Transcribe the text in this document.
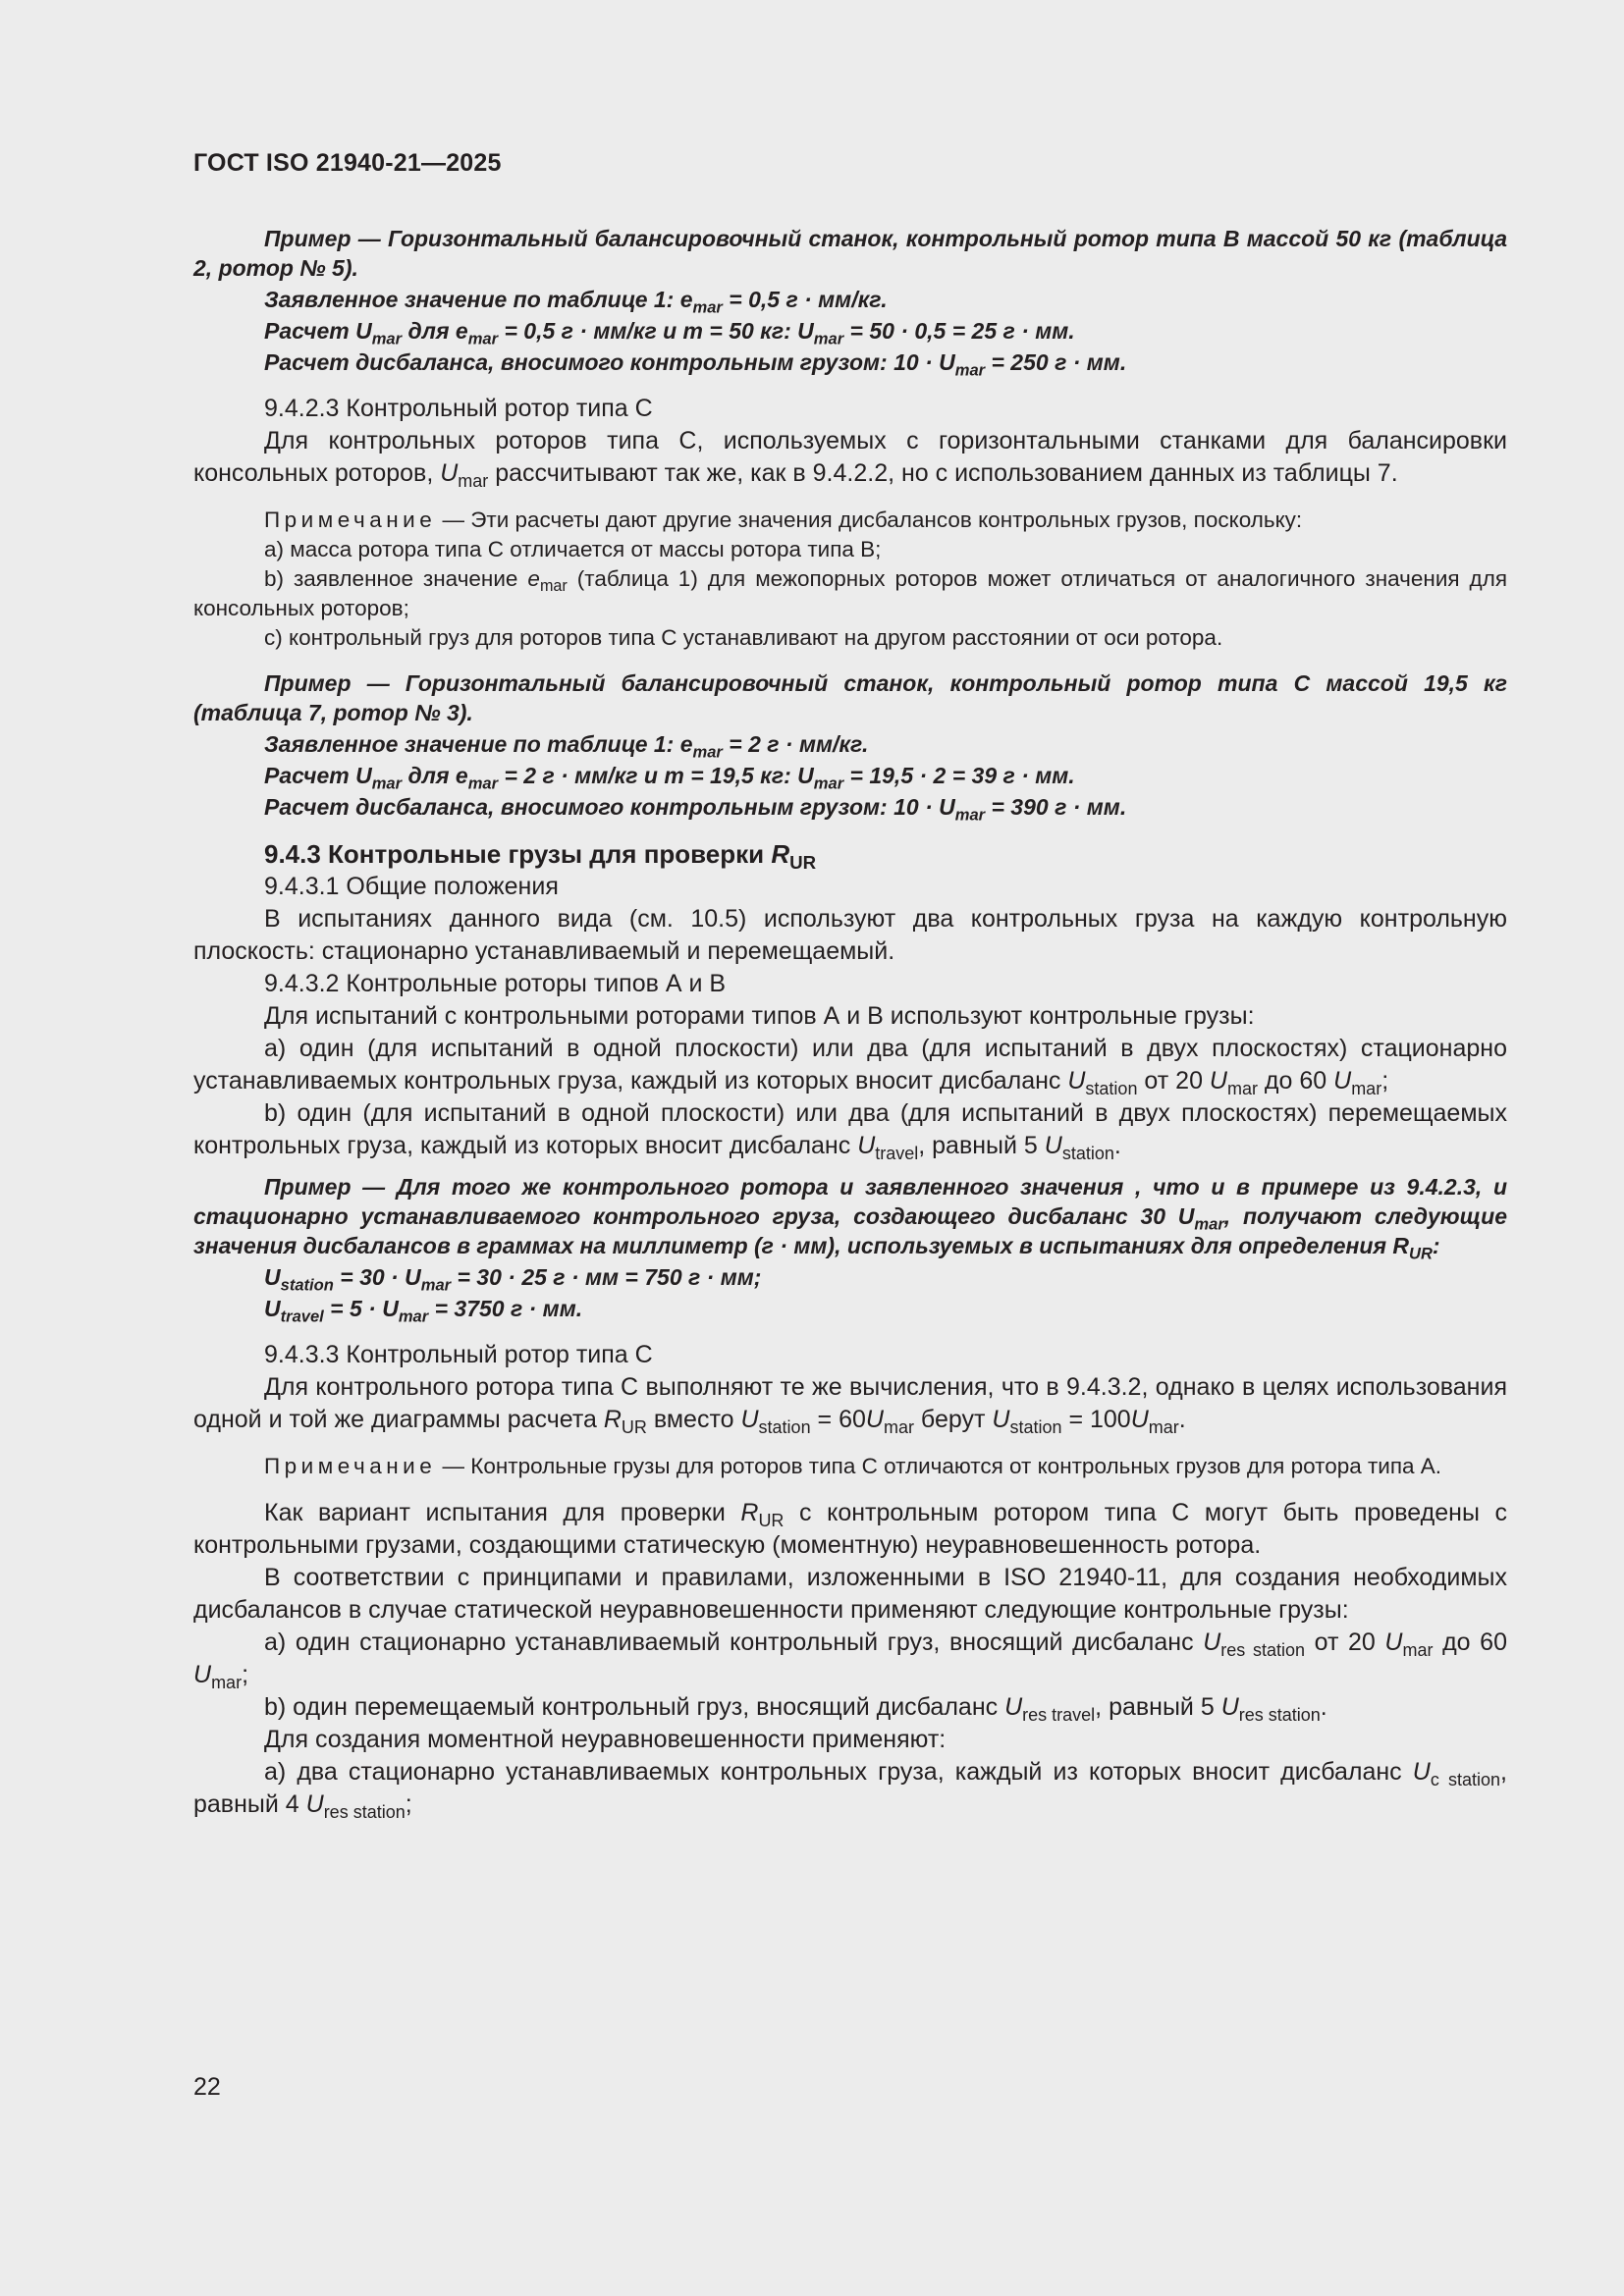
ГОСТ ISO 21940-21—2025

Пример — Горизонтальный балансировочный станок, контрольный ротор типа В массой 50 кг (таблица 2, ротор № 5).

Заявленное значение по таблице 1: $e_{mar} = 0,5$ г · мм/кг.

Расчет $U_{mar}$ для $e_{mar} = 0,5$ г · мм/кг и m = 50 кг: $U_{mar} = 50 \cdot 0,5 = 25$ г · мм.

Расчет дисбаланса, вносимого контрольным грузом: $10 \cdot U_{mar} = 250$ г · мм.

9.4.2.3 Контрольный ротор типа С

Для контрольных роторов типа С, используемых с горизонтальными станками для балансировки консольных роторов, $U_{mar}$ рассчитывают так же, как в 9.4.2.2, но с использованием данных из таблицы 7.

Примечание — Эти расчеты дают другие значения дисбалансов контрольных грузов, поскольку:

а) масса ротора типа С отличается от массы ротора типа В;

b) заявленное значение $e_{mar}$ (таблица 1) для межопорных роторов может отличаться от аналогичного значения для консольных роторов;

с) контрольный груз для роторов типа С устанавливают на другом расстоянии от оси ротора.

Пример — Горизонтальный балансировочный станок, контрольный ротор типа С массой 19,5 кг (таблица 7, ротор № 3).

Заявленное значение по таблице 1: $e_{mar} = 2$ г · мм/кг.

Расчет $U_{mar}$ для $e_{mar} = 2$ г · мм/кг и m = 19,5 кг: $U_{mar} = 19,5 \cdot 2 = 39$ г · мм.

Расчет дисбаланса, вносимого контрольным грузом: $10 \cdot U_{mar} = 390$ г · мм.

9.4.3 Контрольные грузы для проверки $R_{UR}$

9.4.3.1 Общие положения

В испытаниях данного вида (см. 10.5) используют два контрольных груза на каждую контрольную плоскость: стационарно устанавливаемый и перемещаемый.

9.4.3.2 Контрольные роторы типов А и В

Для испытаний с контрольными роторами типов А и В используют контрольные грузы:

а) один (для испытаний в одной плоскости) или два (для испытаний в двух плоскостях) стационарно устанавливаемых контрольных груза, каждый из которых вносит дисбаланс $U_{station}$ от 20 $U_{mar}$ до 60 $U_{mar}$;

b) один (для испытаний в одной плоскости) или два (для испытаний в двух плоскостях) перемещаемых контрольных груза, каждый из которых вносит дисбаланс $U_{travel}$, равный 5 $U_{station}$.

Пример — Для того же контрольного ротора и заявленного значения , что и в примере из 9.4.2.3, и стационарно устанавливаемого контрольного груза, создающего дисбаланс 30 $U_{mar}$, получают следующие значения дисбалансов в граммах на миллиметр (г · мм), используемых в испытаниях для определения $R_{UR}$:

$U_{station} = 30 \cdot U_{mar} = 30 \cdot 25$ г · мм = 750 г · мм;

$U_{travel} = 5 \cdot U_{mar} = 3750$ г · мм.

9.4.3.3 Контрольный ротор типа С

Для контрольного ротора типа С выполняют те же вычисления, что в 9.4.3.2, однако в целях использования одной и той же диаграммы расчета $R_{UR}$ вместо $U_{station} = 60U_{mar}$ берут $U_{station} = 100U_{mar}$.

Примечание — Контрольные грузы для роторов типа С отличаются от контрольных грузов для ротора типа А.

Как вариант испытания для проверки $R_{UR}$ с контрольным ротором типа С могут быть проведены с контрольными грузами, создающими статическую (моментную) неуравновешенность ротора.

В соответствии с принципами и правилами, изложенными в ISO 21940-11, для создания необходимых дисбалансов в случае статической неуравновешенности применяют следующие контрольные грузы:

а) один стационарно устанавливаемый контрольный груз, вносящий дисбаланс $U_{res station}$ от 20 $U_{mar}$ до 60 $U_{mar}$;

b) один перемещаемый контрольный груз, вносящий дисбаланс $U_{res travel}$, равный 5 $U_{res station}$.

Для создания моментной неуравновешенности применяют:

а) два стационарно устанавливаемых контрольных груза, каждый из которых вносит дисбаланс $U_{c station}$, равный 4 $U_{res station}$;

22
